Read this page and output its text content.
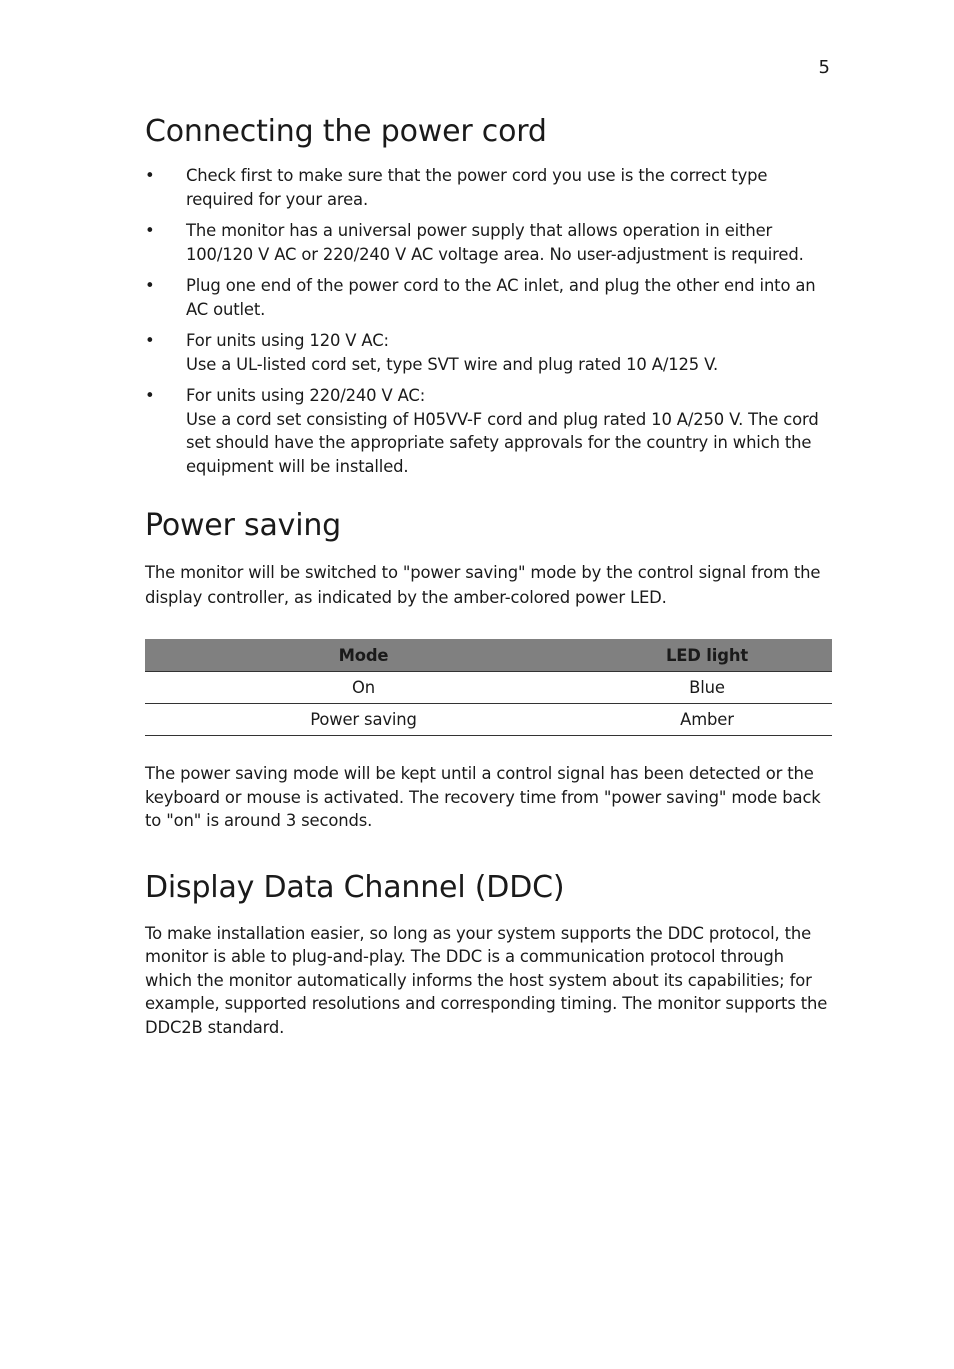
5
Connecting the power cord
• Check first to make sure that the power cord you use is the correct type required for your area.
• The monitor has a universal power supply that allows operation in either 100/120 V AC or 220/240 V AC voltage area. No user-adjustment is required.
• Plug one end of the power cord to the AC inlet, and plug the other end into an AC outlet.
• For units using 120 V AC:
Use a UL-listed cord set, type SVT wire and plug rated 10 A/125 V.
• For units using 220/240 V AC:
Use a cord set consisting of H05VV-F cord and plug rated 10 A/250 V. The cord set should have the appropriate safety approvals for the country in which the equipment will be installed.
Power saving

The monitor will be switched to "power saving" mode by the control signal from the display controller, as indicated by the amber-colored power LED.

Mode	LED light
On	Blue
Power saving	Amber

The power saving mode will be kept until a control signal has been detected or the keyboard or mouse is activated. The recovery time from "power saving" mode back to "on" is around 3 seconds.

Display Data Channel (DDC)

To make installation easier, so long as your system supports the DDC protocol, the monitor is able to plug-and-play. The DDC is a communication protocol through which the monitor automatically informs the host system about its capabilities; for example, supported resolutions and corresponding timing. The monitor supports the DDC2B standard.
